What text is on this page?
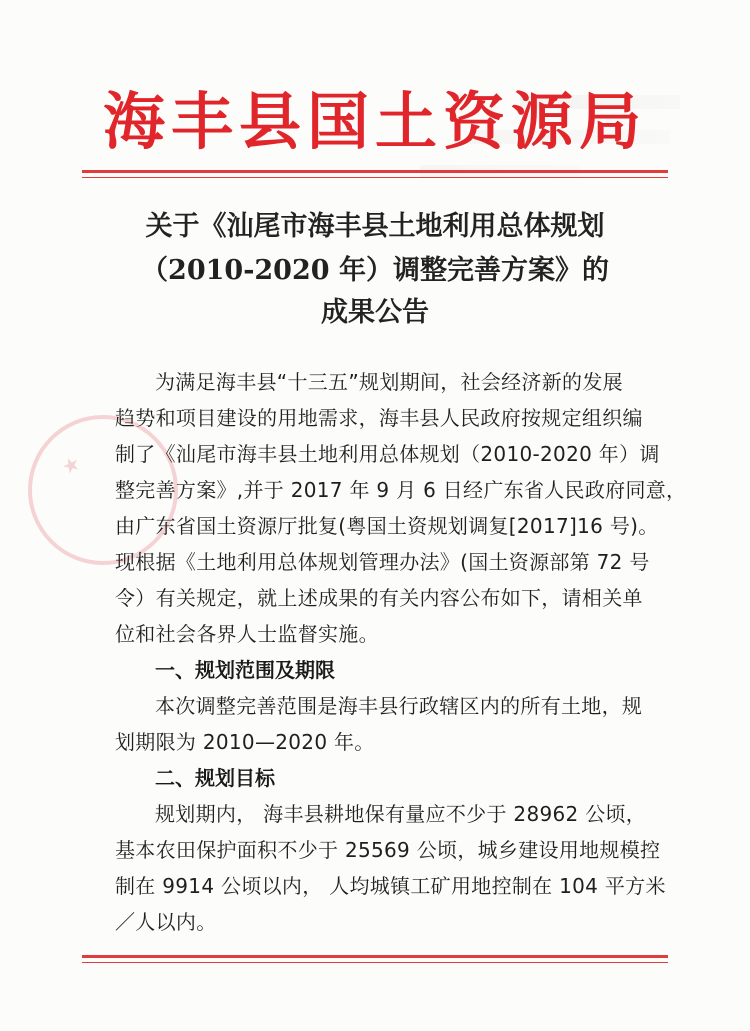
海丰县国土资源局
关于《汕尾市海丰县土地利用总体规划
（2010-2020 年）调整完善方案》的
成果公告
★
为满足海丰县“十三五”规划期间，社会经济新的发展
趋势和项目建设的用地需求，海丰县人民政府按规定组织编
制了《汕尾市海丰县土地利用总体规划（2010-2020 年）调
整完善方案》,并于 2017 年 9 月 6 日经广东省人民政府同意，
由广东省国土资源厅批复(粤国土资规划调复[2017]16 号)。
现根据《土地利用总体规划管理办法》(国土资源部第 72 号
令）有关规定，就上述成果的有关内容公布如下，请相关单
位和社会各界人士监督实施。
一、规划范围及期限
本次调整完善范围是海丰县行政辖区内的所有土地，规
划期限为 2010—2020 年。
二、规划目标
规划期内， 海丰县耕地保有量应不少于 28962 公顷，
基本农田保护面积不少于 25569 公顷，城乡建设用地规模控
制在 9914 公顷以内， 人均城镇工矿用地控制在 104 平方米
／人以内。
